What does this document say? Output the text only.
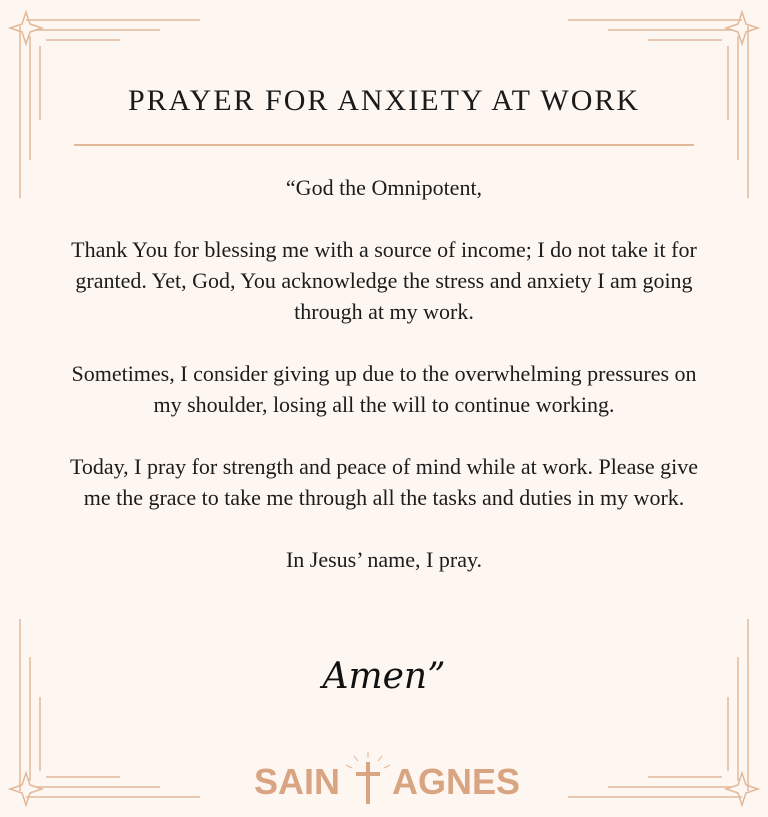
PRAYER FOR ANXIETY AT WORK

“God the Omnipotent,

Thank You for blessing me with a source of income; I do not take it for granted. Yet, God, You acknowledge the stress and anxiety I am going through at my work.

Sometimes, I consider giving up due to the overwhelming pressures on my shoulder, losing all the will to continue working.

Today, I pray for strength and peace of mind while at work. Please give me the grace to take me through all the tasks and duties in my work.

In Jesus’ name, I pray.

Amen”
SAIN AGNES
